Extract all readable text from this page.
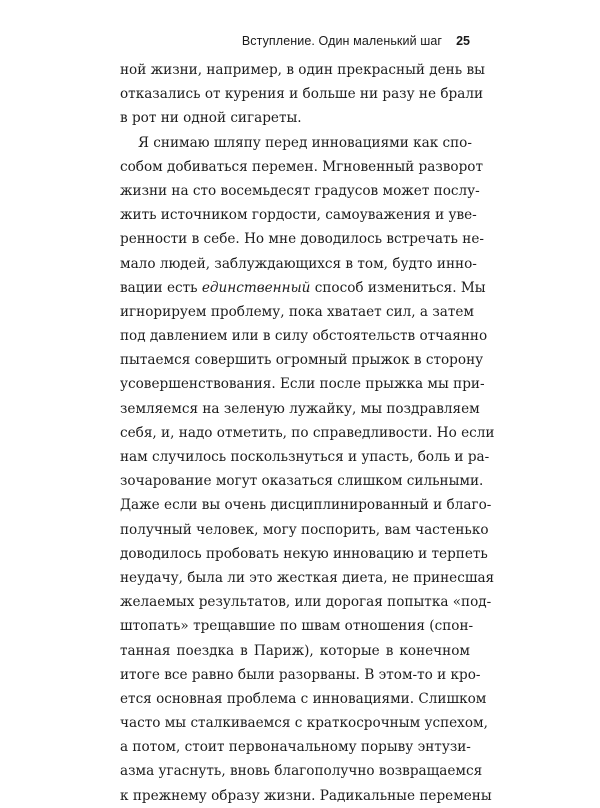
Вступление. Один маленький шаг 25
ной жизни, например, в один прекрасный день вы
отказались от курения и больше ни разу не брали
в рот ни одной сигареты.
Я снимаю шляпу перед инновациями как спо-
собом добиваться перемен. Мгновенный разворот
жизни на сто восемьдесят градусов может послу-
жить источником гордости, самоуважения и уве-
ренности в себе. Но мне доводилось встречать не-
мало людей, заблуждающихся в том, будто инно-
вации есть единственный способ измениться. Мы
игнорируем проблему, пока хватает сил, а затем
под давлением или в силу обстоятельств отчаянно
пытаемся совершить огромный прыжок в сторону
усовершенствования. Если после прыжка мы при-
земляемся на зеленую лужайку, мы поздравляем
себя, и, надо отметить, по справедливости. Но если
нам случилось поскользнуться и упасть, боль и ра-
зочарование могут оказаться слишком сильными.
Даже если вы очень дисциплинированный и благо-
получный человек, могу поспорить, вам частенько
доводилось пробовать некую инновацию и терпеть
неудачу, была ли это жесткая диета, не принесшая
желаемых результатов, или дорогая попытка «под-
штопать» трещавшие по швам отношения (спон-
танная поездка в Париж), которые в конечном
итоге все равно были разорваны. В этом-то и кро-
ется основная проблема с инновациями. Слишком
часто мы сталкиваемся с краткосрочным успехом,
а потом, стоит первоначальному порыву энтузи-
азма угаснуть, вновь благополучно возвращаемся
к прежнему образу жизни. Радикальные перемены
